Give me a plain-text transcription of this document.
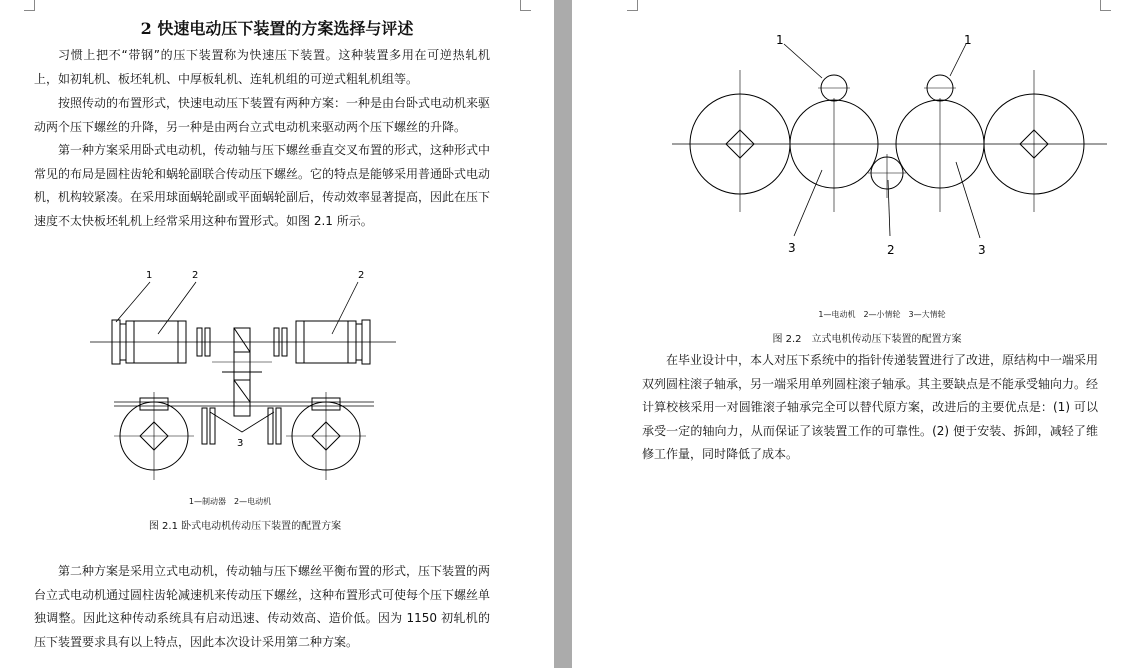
2 快速电动压下装置的方案选择与评述

习惯上把不“带钢”的压下装置称为快速压下装置。这种装置多用在可逆热轧机上，如初轧机、板坯轧机、中厚板轧机、连轧机组的可逆式粗轧机组等。

按照传动的布置形式，快速电动压下装置有两种方案：一种是由台卧式电动机来驱动两个压下螺丝的升降，另一种是由两台立式电动机来驱动两个压下螺丝的升降。

第一种方案采用卧式电动机，传动轴与压下螺丝垂直交叉布置的形式，这种形式中常见的布局是圆柱齿轮和蜗轮副联合传动压下螺丝。它的特点是能够采用普通卧式电动机，机构较紧凑。在采用球面蜗轮副或平面蜗轮副后，传动效率显著提高，因此在压下速度不太快板坯轧机上经常采用这种布置形式。如图 2.1 所示。

1	2	2
3
1—制动器　2—电动机
图 2.1 卧式电动机传动压下装置的配置方案

第二种方案是采用立式电动机，传动轴与压下螺丝平衡布置的形式，压下装置的两台立式电动机通过圆柱齿轮减速机来传动压下螺丝，这种布置形式可使每个压下螺丝单独调整。因此这种传动系统具有启动迅速、传动效高、造价低。因为 1150 初轧机的压下装置要求具有以上特点，因此本次设计采用第二种方案。

1	1
2
3	3
1—电动机　2—小情轮　3—大情轮
图 2.2　立式电机传动压下装置的配置方案

在毕业设计中，本人对压下系统中的指针传递装置进行了改进，原结构中一端采用双列圆柱滚子轴承，另一端采用单列圆柱滚子轴承。其主要缺点是不能承受轴向力。经计算校核采用一对圆锥滚子轴承完全可以替代原方案，改进后的主要优点是：(1) 可以承受一定的轴向力，从而保证了该装置工作的可靠性。(2) 便于安装、拆卸，减轻了维修工作量，同时降低了成本。
